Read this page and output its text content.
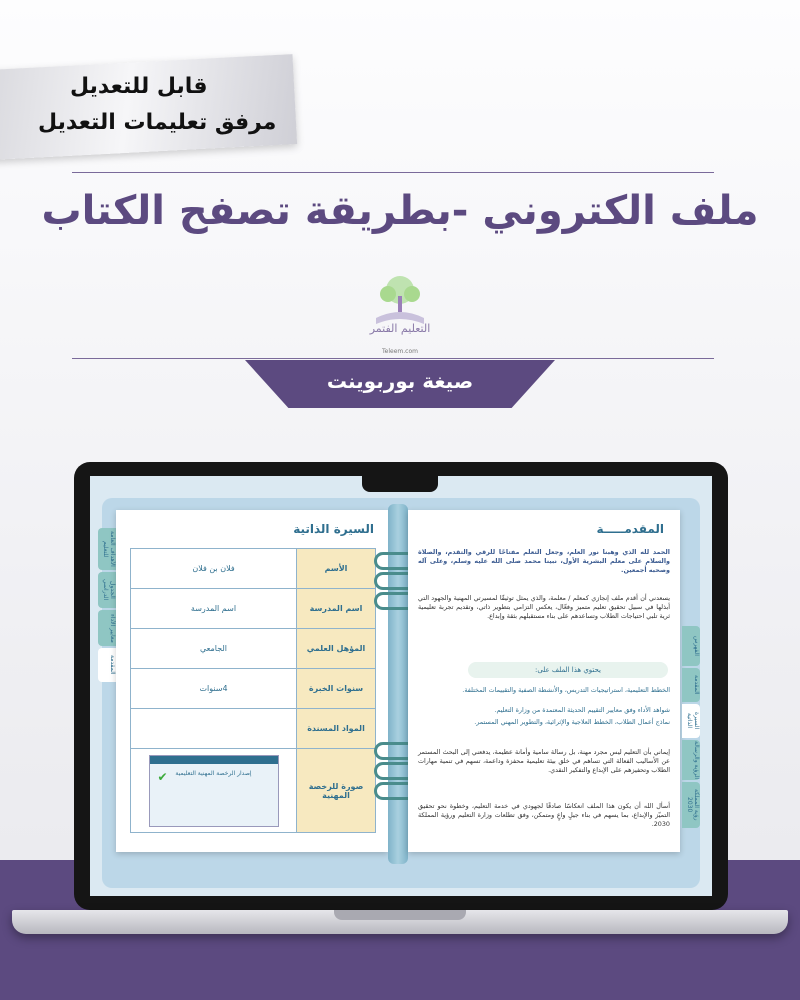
قابل للتعديل
مرفق تعليمات التعديل
ملف الكتروني -بطريقة تصفح الكتاب
التعليم الفتمر
Teleem.com
صيغة بوربوينت
الأهداف العامة للتعليم
الجدول الدراسي
معايير الأداء
المقدمة
السيرة الذاتية
فلان بن فلان	الأسم
اسم المدرسة	اسم المدرسة
الجامعي	المؤهل العلمي
4سنوات	سنوات الخبرة
	المواد المسندة

✔ إصدار الرخصة المهنية التعليمية	صورة للرخصة المهنية
المقدمـــــة
الحمد لله الذي وهبنا نور العلم، وجعل التعلم مفتاحًا للرقي والتقدم، والصلاة والسلام على معلم البشرية الأول، نبينا محمد صلى الله عليه وسلم، وعلى آله وصحبه أجمعين.
يسعدني أن أقدم ملف إنجازي كمعلم / معلمة، والذي يمثل توثيقًا لمسيرتي المهنية والجهود التي أبذلها في سبيل تحقيق تعليم متميز وفعّال، يعكس التزامي بتطوير ذاتي، وتقديم تجربة تعليمية ثرية تلبي احتياجات الطلاب وتساعدهم على بناء مستقبلهم بثقة وإبداع.
يحتوي هذا الملف على:
الخطط التعليمية، استراتيجيات التدريس، والأنشطة الصفية والتقييمات المختلفة.
شواهد الأداء وفق معايير التقييم الحديثة المعتمدة من وزارة التعليم.
نماذج أعمال الطلاب، الخطط العلاجية والإثرائية، والتطوير المهني المستمر.
إيماني بأن التعليم ليس مجرد مهنة، بل رسالة سامية وأمانة عظيمة، يدفعني إلى البحث المستمر عن الأساليب الفعالة التي تساهم في خلق بيئة تعليمية محفزة وداعمة، تسهم في تنمية مهارات الطلاب وتحفيزهم على الإبداع والتفكير النقدي.
أسأل الله أن يكون هذا الملف انعكاسًا صادقًا لجهودي في خدمة التعليم، وخطوة نحو تحقيق التميّز والإبداع، بما يسهم في بناء جيلٍ واعٍ ومتمكن، وفق تطلعات وزارة التعليم ورؤية المملكة 2030.
الفهرس
المقدمة
السيرة الذاتية
الرؤية والرسالة
رؤية المملكة 2030
